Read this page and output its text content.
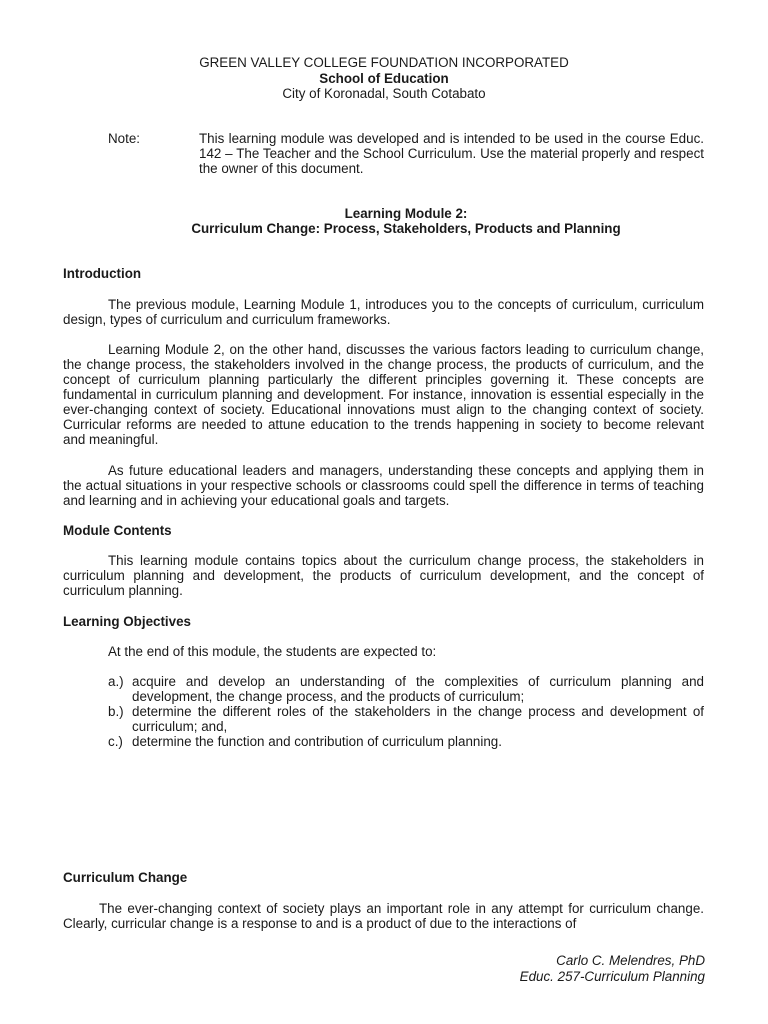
GREEN VALLEY COLLEGE FOUNDATION INCORPORATED
School of Education
City of Koronadal, South Cotabato
Note:	This learning module was developed and is intended to be used in the course Educ. 142 – The Teacher and the School Curriculum. Use the material properly and respect the owner of this document.
Learning Module 2:
Curriculum Change: Process, Stakeholders, Products and Planning
Introduction
The previous module, Learning Module 1, introduces you to the concepts of curriculum, curriculum design, types of curriculum and curriculum frameworks.
Learning Module 2, on the other hand, discusses the various factors leading to curriculum change, the change process, the stakeholders involved in the change process, the products of curriculum, and the concept of curriculum planning particularly the different principles governing it. These concepts are fundamental in curriculum planning and development. For instance, innovation is essential especially in the ever-changing context of society. Educational innovations must align to the changing context of society. Curricular reforms are needed to attune education to the trends happening in society to become relevant and meaningful.
As future educational leaders and managers, understanding these concepts and applying them in the actual situations in your respective schools or classrooms could spell the difference in terms of teaching and learning and in achieving your educational goals and targets.
Module Contents
This learning module contains topics about the curriculum change process, the stakeholders in curriculum planning and development, the products of curriculum development, and the concept of curriculum planning.
Learning Objectives
At the end of this module, the students are expected to:
a.) acquire and develop an understanding of the complexities of curriculum planning and development, the change process, and the products of curriculum;
b.) determine the different roles of the stakeholders in the change process and development of curriculum; and,
c.) determine the function and contribution of curriculum planning.
Curriculum Change
The ever-changing context of society plays an important role in any attempt for curriculum change. Clearly, curricular change is a response to and is a product of due to the interactions of
Carlo C. Melendres, PhD
Educ. 257-Curriculum Planning
